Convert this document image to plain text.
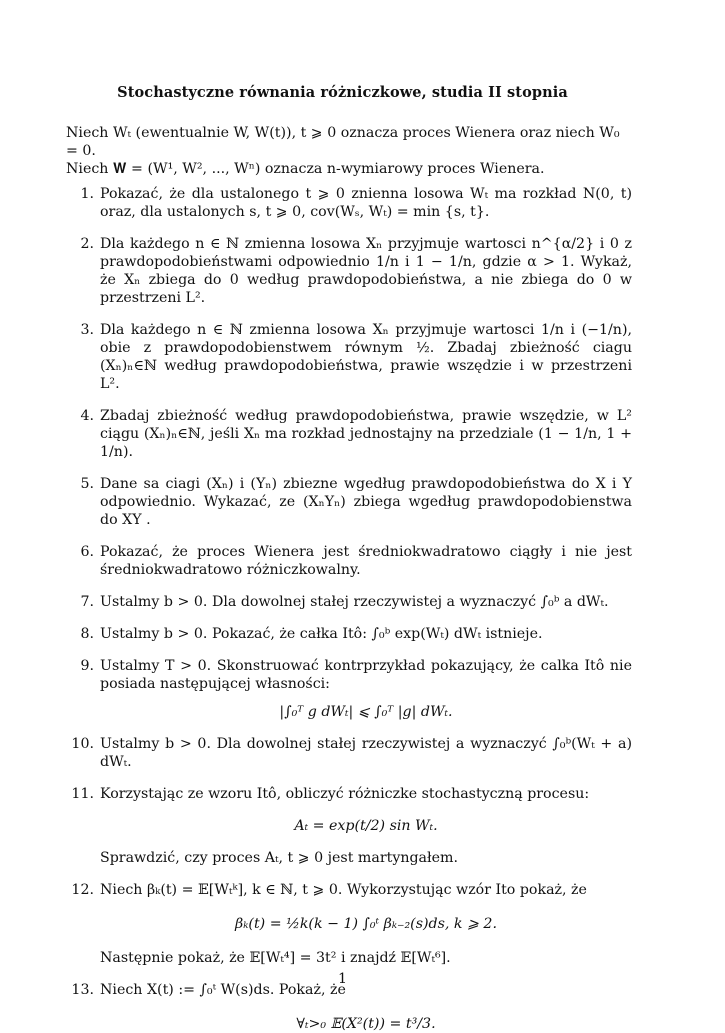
Stochastyczne równania różniczkowe, studia II stopnia

Niech Wₜ (ewentualnie W, W(t)), t ⩾ 0 oznacza proces Wienera oraz niech W₀ = 0.

Niech 𝐖 = (W¹, W², ..., Wⁿ) oznacza n-wymiarowy proces Wienera.

1. Pokazać, że dla ustalonego t ⩾ 0 znienna losowa Wₜ ma rozkład N(0, t) oraz, dla ustalonych s, t ⩾ 0, cov(Wₛ, Wₜ) = min {s, t}.

2. Dla każdego n ∈ ℕ zmienna losowa Xₙ przyjmuje wartosci n^{α/2} i 0 z prawdopodobieństwami odpowiednio 1/n i 1 − 1/n, gdzie α > 1. Wykaż, że Xₙ zbiega do 0 według prawdopodobieństwa, a nie zbiega do 0 w przestrzeni L².

3. Dla każdego n ∈ ℕ zmienna losowa Xₙ przyjmuje wartosci 1/n i (−1/n), obie z prawdopodobienstwem równym ½. Zbadaj zbieżność ciagu (Xₙ)ₙ∈ℕ według prawdopodobieństwa, prawie wszędzie i w przestrzeni L².

4. Zbadaj zbieżność według prawdopodobieństwa, prawie wszędzie, w L² ciągu (Xₙ)ₙ∈ℕ, jeśli Xₙ ma rozkład jednostajny na przedziale (1 − 1/n, 1 + 1/n).

5. Dane sa ciagi (Xₙ) i (Yₙ) zbiezne wgedług prawdopodobieństwa do X i Y odpowiednio. Wykazać, ze (XₙYₙ) zbiega wgedług prawdopodobienstwa do XY .

6. Pokazać, że proces Wienera jest średniokwadratowo ciągły i nie jest średniokwadratowo różniczkowalny.

7. Ustalmy b > 0. Dla dowolnej stałej rzeczywistej a wyznaczyć ∫₀ᵇ a dWₜ.

8. Ustalmy b > 0. Pokazać, że całka Itô: ∫₀ᵇ exp(Wₜ) dWₜ istnieje.

9. Ustalmy T > 0. Skonstruować kontrprzykład pokazujący, że calka Itô nie posiada następującej własności:

|∫₀ᵀ g dWₜ| ⩽ ∫₀ᵀ |g| dWₜ.
10. Ustalmy b > 0. Dla dowolnej stałej rzeczywistej a wyznaczyć ∫₀ᵇ(Wₜ + a) dWₜ.

11. Korzystając ze wzoru Itô, obliczyć różniczke stochastyczną procesu:

Aₜ = exp(t/2) sin Wₜ.

Sprawdzić, czy proces Aₜ, t ⩾ 0 jest martyngałem.

12. Niech βₖ(t) = 𝔼[Wₜᵏ], k ∈ ℕ, t ⩾ 0. Wykorzystując wzór Ito pokaż, że

βₖ(t) = ½k(k − 1) ∫₀ᵗ βₖ₋₂(s)ds, k ⩾ 2.

Następnie pokaż, że 𝔼[Wₜ⁴] = 3t² i znajdź 𝔼[Wₜ⁶].

13. Niech X(t) := ∫₀ᵗ W(s)ds. Pokaż, że

∀ₜ>₀ 𝔼(X²(t)) = t³/3.
1
